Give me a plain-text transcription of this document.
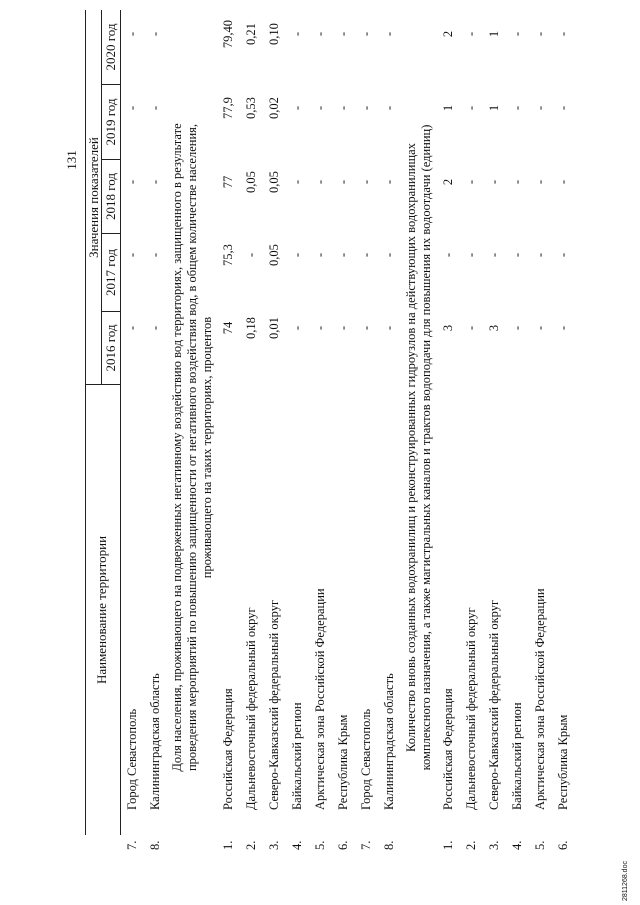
131
Наименование территории
Значения показателей
2016 год
2017 год
2018 год
2019 год
2020 год
7.
Город Севастополь
-
-
-
-
-
8.
Калининградская область
-
-
-
-
-
Доля населения, проживающего на подверженных негативному воздействию вод территориях, защищенного в результате проведения мероприятий по повышению защищенности от негативного воздействия вод, в общем количестве населения, проживающего на таких территориях, процентов
1.
Российская Федерация
74
75,3
77
77,9
79,40
2.
Дальневосточный федеральный округ
0,18
-
0,05
0,53
0,21
3.
Северо-Кавказский федеральный округ
0,01
0,05
0,05
0,02
0,10
4.
Байкальский регион
-
-
-
-
-
5.
Арктическая зона Российской Федерации
-
-
-
-
-
6.
Республика Крым
-
-
-
-
-
7.
Город Севастополь
-
-
-
-
-
8.
Калининградская область
-
-
-
-
-
Количество вновь созданных водохранилищ и реконструированных гидроузлов на действующих водохранилищах комплексного назначения, а также магистральных каналов и трактов водоподачи для повышения их водоотдачи (единиц)
1.
Российская Федерация
3
-
2
1
2
2.
Дальневосточный федеральный округ
-
-
-
-
-
3.
Северо-Кавказский федеральный округ
3
-
-
1
1
4.
Байкальский регион
-
-
-
-
-
5.
Арктическая зона Российской Федерации
-
-
-
-
-
6.
Республика Крым
-
-
-
-
-
2811268.doc
